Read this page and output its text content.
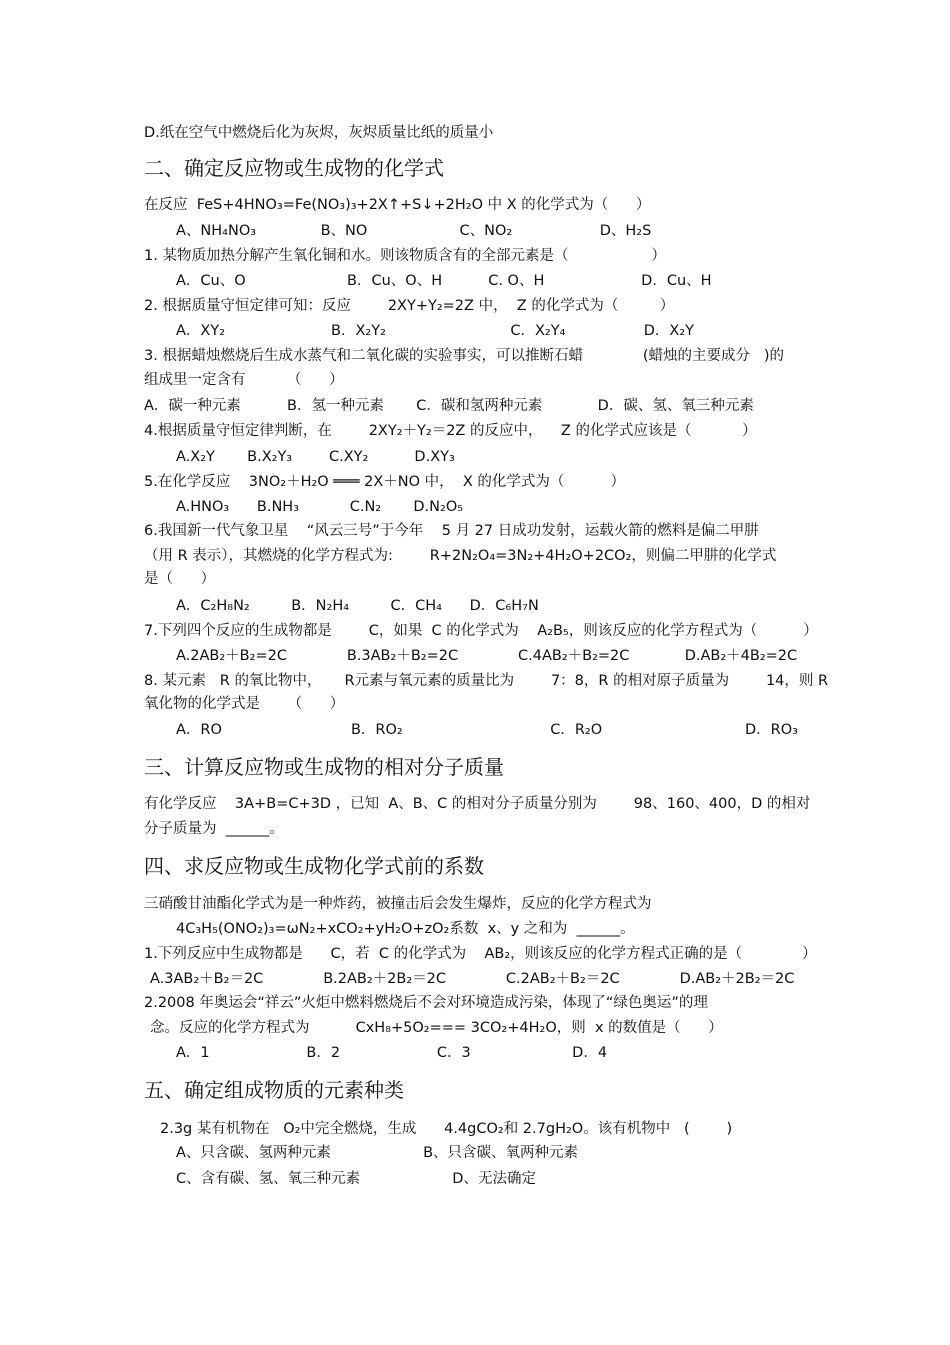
D.纸在空气中燃烧后化为灰烬，灰烬质量比纸的质量小
二、确定反应物或生成物的化学式
在反应  FeS+4HNO₃=Fe(NO₃)₃+2X↑+S↓+2H₂O 中 X 的化学式为（      ）
A、NH₄NO₃              B、NO                    C、NO₂                   D、H₂S
1. 某物质加热分解产生氧化铜和水。则该物质含有的全部元素是（                  ）
A．Cu、O                      B．Cu、O、H          C. O、H                     D．Cu、H
2. 根据质量守恒定律可知：反应        2XY+Y₂=2Z 中，  Z 的化学式为（         ）
A．XY₂                       B．X₂Y₂                           C．X₂Y₄                 D．X₂Y
3. 根据蜡烛燃烧后生成水蒸气和二氧化碳的实验事实，可以推断石蜡             (蜡烛的主要成分   )的
组成里一定含有         （      ）
A．碳一种元素          B．氢一种元素       C．碳和氢两种元素            D．碳、氢、氧三种元素
4.根据质量守恒定律判断，在        2XY₂＋Y₂＝2Z 的反应中，    Z 的化学式应该是（           ）
A.X₂Y       B.X₂Y₃        C.XY₂          D.XY₃
5.在化学反应    3NO₂＋H₂O ═══ 2X＋NO 中，  X 的化学式为（          ）
A.HNO₃      B.NH₃           C.N₂       D.N₂O₅
6.我国新一代气象卫星    “风云三号”于今年    5 月 27 日成功发射，运载火箭的燃料是偏二甲肼
（用 R 表示），其燃烧的化学方程式为:        R+2N₂O₄=3N₂+4H₂O+2CO₂，则偏二甲肼的化学式
是（      ）
A．C₂H₈N₂         B．N₂H₄         C．CH₄      D．C₆H₇N
7.下列四个反应的生成物都是        C，如果  C 的化学式为    A₂B₅，则该反应的化学方程式为（          ）
A.2AB₂＋B₂=2C             B.3AB₂＋B₂=2C             C.4AB₂＋B₂=2C            D.AB₂＋4B₂=2C
8. 某元素   R 的氧比物中，     R元素与氧元素的质量比为        7：8，R 的相对原子质量为        14，则 R
氧化物的化学式是      （      ）
A．RO                            B．RO₂                                C．R₂O                               D．RO₃
三、计算反应物或生成物的相对分子质量
有化学反应    3A+B=C+3D ，已知  A、B、C 的相对分子质量分别为        98、160、400，D 的相对
分子质量为  ______。
四、求反应物或生成物化学式前的系数
三硝酸甘油酯化学式为是一种炸药，被撞击后会发生爆炸，反应的化学方程式为
4C₃H₅(ONO₂)₃=ωN₂+xCO₂+yH₂O+zO₂系数  x、y 之和为  ______。
1.下列反应中生成物都是      C，若  C 的化学式为    AB₂，则该反应的化学方程式正确的是（             ）
A.3AB₂＋B₂＝2C             B.2AB₂＋2B₂＝2C             C.2AB₂＋B₂＝2C             D.AB₂＋2B₂＝2C
2.2008 年奥运会“祥云”火炬中燃料燃烧后不会对环境造成污染，体现了“绿色奥运”的理
念。反应的化学方程式为          CxH₈+5O₂=== 3CO₂+4H₂O，则  x 的数值是（      ）
A．1                     B．2                     C．3                      D．4
五、确定组成物质的元素种类
2.3g 某有机物在   O₂中完全燃烧，生成      4.4gCO₂和 2.7gH₂O。该有机物中   (        )
A、只含碳、氢两种元素                    B、只含碳、氧两种元素
C、含有碳、氢、氧三种元素                    D、无法确定
